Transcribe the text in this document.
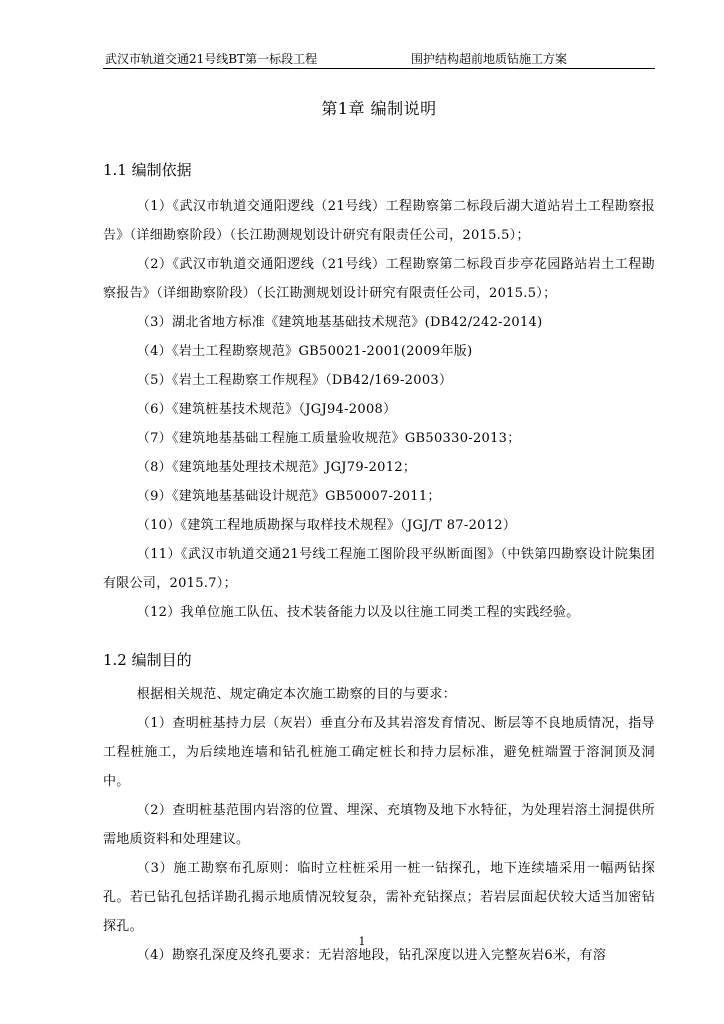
武汉市轨道交通21号线BT第一标段工程	围护结构超前地质钻施工方案
第1章 编制说明
1.1 编制依据

（1）《武汉市轨道交通阳逻线（21号线）工程勘察第二标段后湖大道站岩土工程勘察报告》（详细勘察阶段）（长江勘测规划设计研究有限责任公司，2015.5）；

（2）《武汉市轨道交通阳逻线（21号线）工程勘察第二标段百步亭花园路站岩土工程勘察报告》（详细勘察阶段）（长江勘测规划设计研究有限责任公司，2015.5）；

（3）湖北省地方标准《建筑地基基础技术规范》(DB42/242-2014)

（4）《岩土工程勘察规范》GB50021-2001(2009年版)

（5）《岩土工程勘察工作规程》（DB42/169-2003）

（6）《建筑桩基技术规范》（JGJ94-2008）

（7）《建筑地基基础工程施工质量验收规范》GB50330-2013；

（8）《建筑地基处理技术规范》JGJ79-2012；

（9）《建筑地基基础设计规范》GB50007-2011；

（10）《建筑工程地质勘探与取样技术规程》（JGJ/T 87-2012）

（11）《武汉市轨道交通21号线工程施工图阶段平纵断面图》（中铁第四勘察设计院集团有限公司，2015.7）；

（12）我单位施工队伍、技术装备能力以及以往施工同类工程的实践经验。

1.2 编制目的

根据相关规范、规定确定本次施工勘察的目的与要求：

（1）查明桩基持力层（灰岩）垂直分布及其岩溶发育情况、断层等不良地质情况，指导工程桩施工，为后续地连墙和钻孔桩施工确定桩长和持力层标准，避免桩端置于溶洞顶及洞中。

（2）查明桩基范围内岩溶的位置、埋深、充填物及地下水特征，为处理岩溶土洞提供所需地质资料和处理建议。

（3）施工勘察布孔原则：临时立柱桩采用一桩一钻探孔，地下连续墙采用一幅两钻探孔。若已钻孔包括详勘孔揭示地质情况较复杂，需补充钻探点；若岩层面起伏较大适当加密钻探孔。

（4）勘察孔深度及终孔要求：无岩溶地段，钻孔深度以进入完整灰岩6米，有溶

1
